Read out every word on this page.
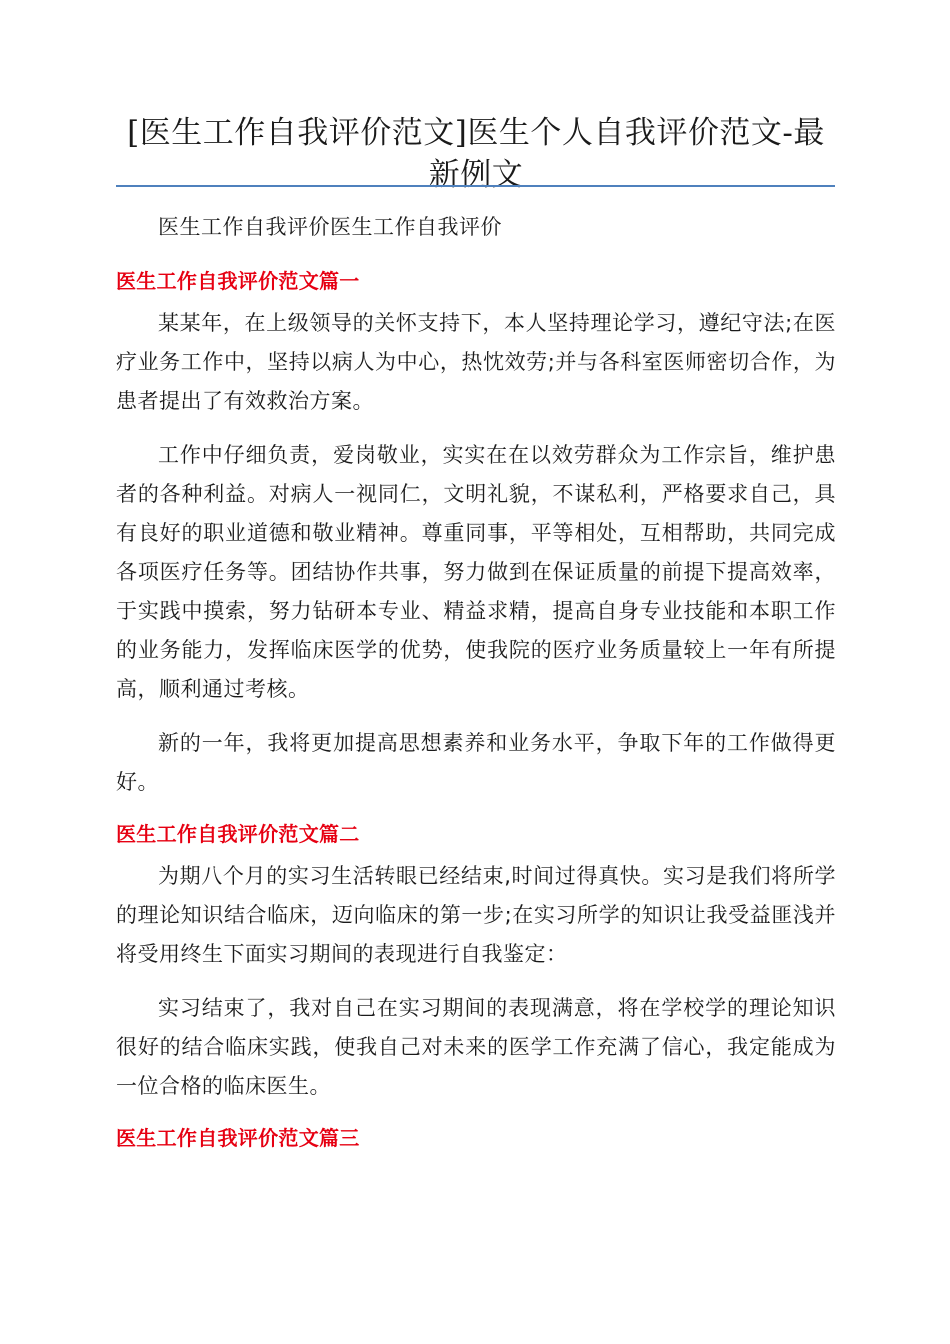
[医生工作自我评价范文]医生个人自我评价范文-最新例文

医生工作自我评价医生工作自我评价

医生工作自我评价范文篇一

某某年，在上级领导的关怀支持下，本人坚持理论学习，遵纪守法;在医疗业务工作中，坚持以病人为中心，热忱效劳;并与各科室医师密切合作，为患者提出了有效救治方案。

工作中仔细负责，爱岗敬业，实实在在以效劳群众为工作宗旨，维护患者的各种利益。对病人一视同仁，文明礼貌，不谋私利，严格要求自己，具有良好的职业道德和敬业精神。尊重同事，平等相处，互相帮助，共同完成各项医疗任务等。团结协作共事，努力做到在保证质量的前提下提高效率，于实践中摸索，努力钻研本专业、精益求精，提高自身专业技能和本职工作的业务能力，发挥临床医学的优势，使我院的医疗业务质量较上一年有所提高，顺利通过考核。

新的一年，我将更加提高思想素养和业务水平，争取下年的工作做得更好。

医生工作自我评价范文篇二

为期八个月的实习生活转眼已经结束,时间过得真快。实习是我们将所学的理论知识结合临床，迈向临床的第一步;在实习所学的知识让我受益匪浅并将受用终生下面实习期间的表现进行自我鉴定：

实习结束了，我对自己在实习期间的表现满意，将在学校学的理论知识很好的结合临床实践，使我自己对未来的医学工作充满了信心，我定能成为一位合格的临床医生。

医生工作自我评价范文篇三
